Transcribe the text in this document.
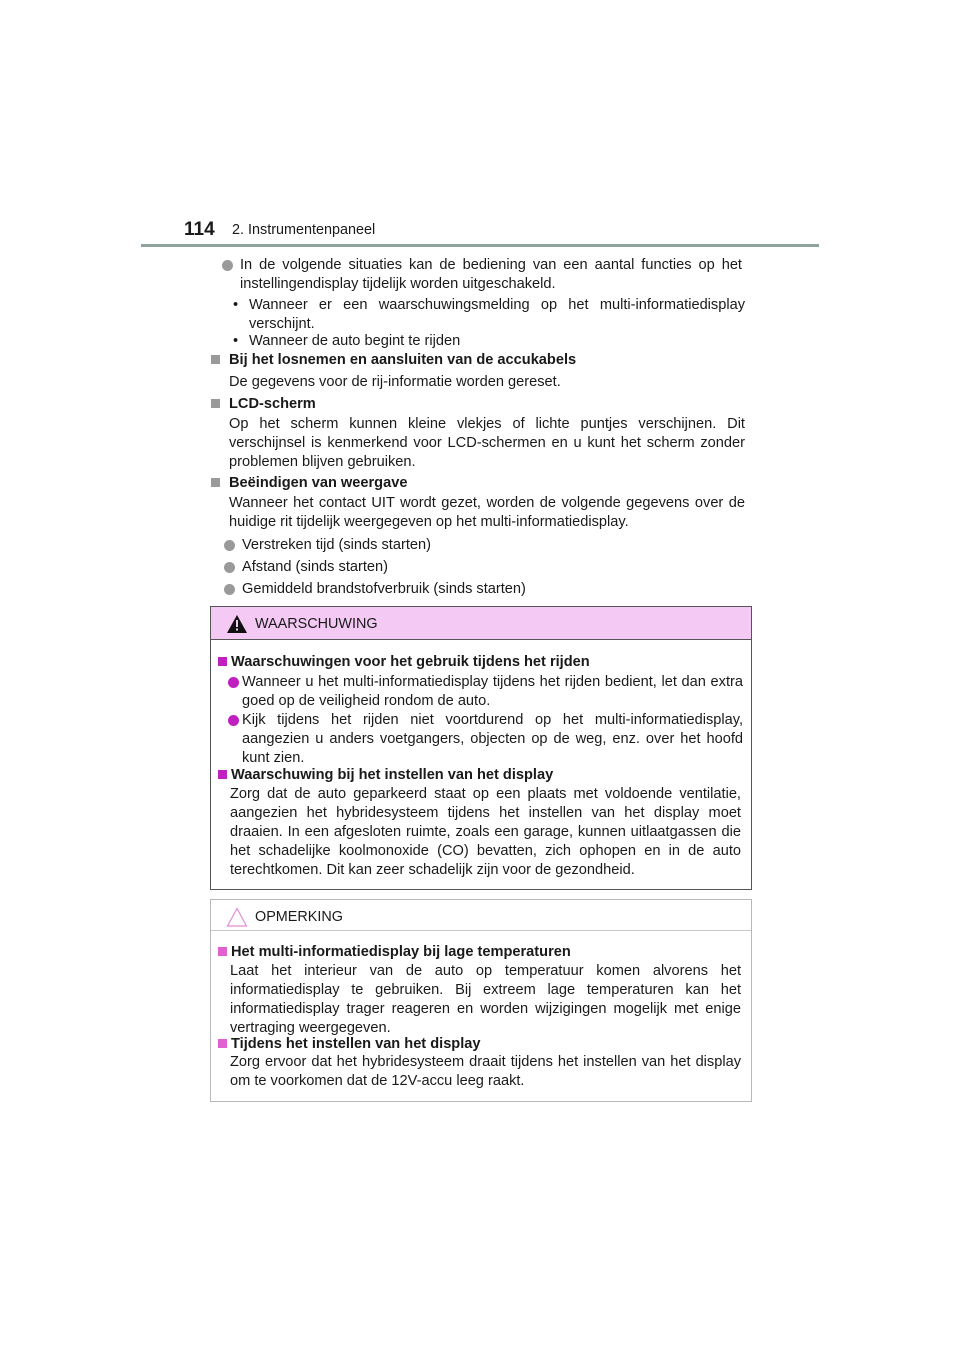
114 2. Instrumentenpaneel
In de volgende situaties kan de bediening van een aantal functies op het instellingendisplay tijdelijk worden uitgeschakeld.
• Wanneer er een waarschuwingsmelding op het multi-informatiedisplay verschijnt.
• Wanneer de auto begint te rijden
Bij het losnemen en aansluiten van de accukabels
De gegevens voor de rij-informatie worden gereset.
LCD-scherm
Op het scherm kunnen kleine vlekjes of lichte puntjes verschijnen. Dit verschijnsel is kenmerkend voor LCD-schermen en u kunt het scherm zonder problemen blijven gebruiken.
Beëindigen van weergave
Wanneer het contact UIT wordt gezet, worden de volgende gegevens over de huidige rit tijdelijk weergegeven op het multi-informatiedisplay.
Verstreken tijd (sinds starten)
Afstand (sinds starten)
Gemiddeld brandstofverbruik (sinds starten)
WAARSCHUWING
Waarschuwingen voor het gebruik tijdens het rijden
Wanneer u het multi-informatiedisplay tijdens het rijden bedient, let dan extra goed op de veiligheid rondom de auto.
Kijk tijdens het rijden niet voortdurend op het multi-informatiedisplay, aangezien u anders voetgangers, objecten op de weg, enz. over het hoofd kunt zien.
Waarschuwing bij het instellen van het display
Zorg dat de auto geparkeerd staat op een plaats met voldoende ventilatie, aangezien het hybridesysteem tijdens het instellen van het display moet draaien. In een afgesloten ruimte, zoals een garage, kunnen uitlaatgassen die het schadelijke koolmonoxide (CO) bevatten, zich ophopen en in de auto terechtkomen. Dit kan zeer schadelijk zijn voor de gezondheid.
OPMERKING
Het multi-informatiedisplay bij lage temperaturen
Laat het interieur van de auto op temperatuur komen alvorens het informatiedisplay te gebruiken. Bij extreem lage temperaturen kan het informatiedisplay trager reageren en worden wijzigingen mogelijk met enige vertraging weergegeven.
Tijdens het instellen van het display
Zorg ervoor dat het hybridesysteem draait tijdens het instellen van het display om te voorkomen dat de 12V-accu leeg raakt.
